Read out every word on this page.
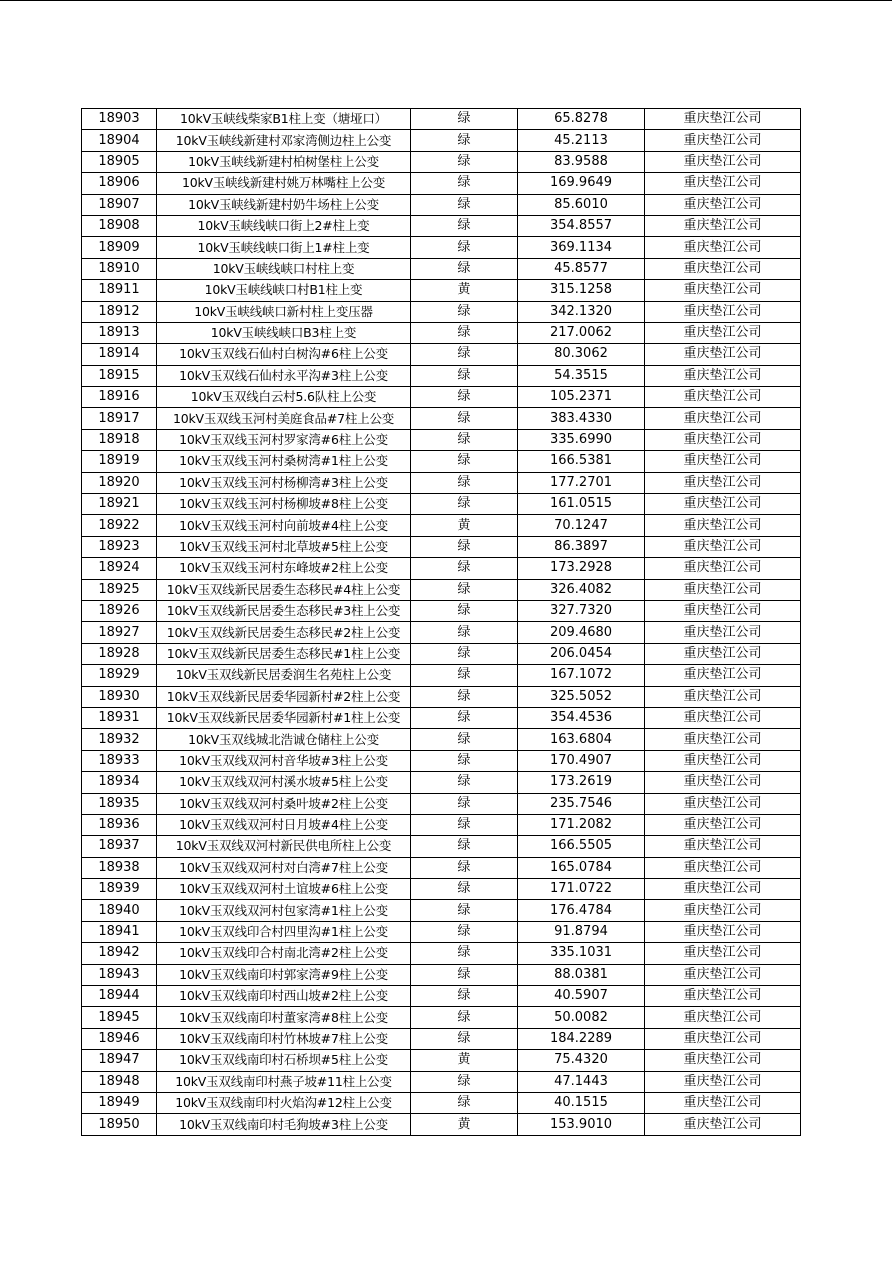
18903	10kV玉峡线柴家B1柱上变（塘垭口）	绿	65.8278	重庆垫江公司
18904	10kV玉峡线新建村邓家湾侧边柱上公变	绿	45.2113	重庆垫江公司
18905	10kV玉峡线新建村柏树堡柱上公变	绿	83.9588	重庆垫江公司
18906	10kV玉峡线新建村姚万林嘴柱上公变	绿	169.9649	重庆垫江公司
18907	10kV玉峡线新建村奶牛场柱上公变	绿	85.6010	重庆垫江公司
18908	10kV玉峡线峡口街上2#柱上变	绿	354.8557	重庆垫江公司
18909	10kV玉峡线峡口街上1#柱上变	绿	369.1134	重庆垫江公司
18910	10kV玉峡线峡口村柱上变	绿	45.8577	重庆垫江公司
18911	10kV玉峡线峡口村B1柱上变	黄	315.1258	重庆垫江公司
18912	10kV玉峡线峡口新村柱上变压器	绿	342.1320	重庆垫江公司
18913	10kV玉峡线峡口B3柱上变	绿	217.0062	重庆垫江公司
18914	10kV玉双线石仙村白树沟#6柱上公变	绿	80.3062	重庆垫江公司
18915	10kV玉双线石仙村永平沟#3柱上公变	绿	54.3515	重庆垫江公司
18916	10kV玉双线白云村5.6队柱上公变	绿	105.2371	重庆垫江公司
18917	10kV玉双线玉河村美庭食品#7柱上公变	绿	383.4330	重庆垫江公司
18918	10kV玉双线玉河村罗家湾#6柱上公变	绿	335.6990	重庆垫江公司
18919	10kV玉双线玉河村桑树湾#1柱上公变	绿	166.5381	重庆垫江公司
18920	10kV玉双线玉河村杨柳湾#3柱上公变	绿	177.2701	重庆垫江公司
18921	10kV玉双线玉河村杨柳坡#8柱上公变	绿	161.0515	重庆垫江公司
18922	10kV玉双线玉河村向前坡#4柱上公变	黄	70.1247	重庆垫江公司
18923	10kV玉双线玉河村北草坡#5柱上公变	绿	86.3897	重庆垫江公司
18924	10kV玉双线玉河村东峰坡#2柱上公变	绿	173.2928	重庆垫江公司
18925	10kV玉双线新民居委生态移民#4柱上公变	绿	326.4082	重庆垫江公司
18926	10kV玉双线新民居委生态移民#3柱上公变	绿	327.7320	重庆垫江公司
18927	10kV玉双线新民居委生态移民#2柱上公变	绿	209.4680	重庆垫江公司
18928	10kV玉双线新民居委生态移民#1柱上公变	绿	206.0454	重庆垫江公司
18929	10kV玉双线新民居委润生名苑柱上公变	绿	167.1072	重庆垫江公司
18930	10kV玉双线新民居委华园新村#2柱上公变	绿	325.5052	重庆垫江公司
18931	10kV玉双线新民居委华园新村#1柱上公变	绿	354.4536	重庆垫江公司
18932	10kV玉双线城北浩诚仓储柱上公变	绿	163.6804	重庆垫江公司
18933	10kV玉双线双河村音华坡#3柱上公变	绿	170.4907	重庆垫江公司
18934	10kV玉双线双河村溪水坡#5柱上公变	绿	173.2619	重庆垫江公司
18935	10kV玉双线双河村桑叶坡#2柱上公变	绿	235.7546	重庆垫江公司
18936	10kV玉双线双河村日月坡#4柱上公变	绿	171.2082	重庆垫江公司
18937	10kV玉双线双河村新民供电所柱上公变	绿	166.5505	重庆垫江公司
18938	10kV玉双线双河村对白湾#7柱上公变	绿	165.0784	重庆垫江公司
18939	10kV玉双线双河村土谊坡#6柱上公变	绿	171.0722	重庆垫江公司
18940	10kV玉双线双河村包家湾#1柱上公变	绿	176.4784	重庆垫江公司
18941	10kV玉双线印合村四里沟#1柱上公变	绿	91.8794	重庆垫江公司
18942	10kV玉双线印合村南北湾#2柱上公变	绿	335.1031	重庆垫江公司
18943	10kV玉双线南印村郭家湾#9柱上公变	绿	88.0381	重庆垫江公司
18944	10kV玉双线南印村西山坡#2柱上公变	绿	40.5907	重庆垫江公司
18945	10kV玉双线南印村董家湾#8柱上公变	绿	50.0082	重庆垫江公司
18946	10kV玉双线南印村竹林坡#7柱上公变	绿	184.2289	重庆垫江公司
18947	10kV玉双线南印村石桥坝#5柱上公变	黄	75.4320	重庆垫江公司
18948	10kV玉双线南印村燕子坡#11柱上公变	绿	47.1443	重庆垫江公司
18949	10kV玉双线南印村火焰沟#12柱上公变	绿	40.1515	重庆垫江公司
18950	10kV玉双线南印村毛狗坡#3柱上公变	黄	153.9010	重庆垫江公司
